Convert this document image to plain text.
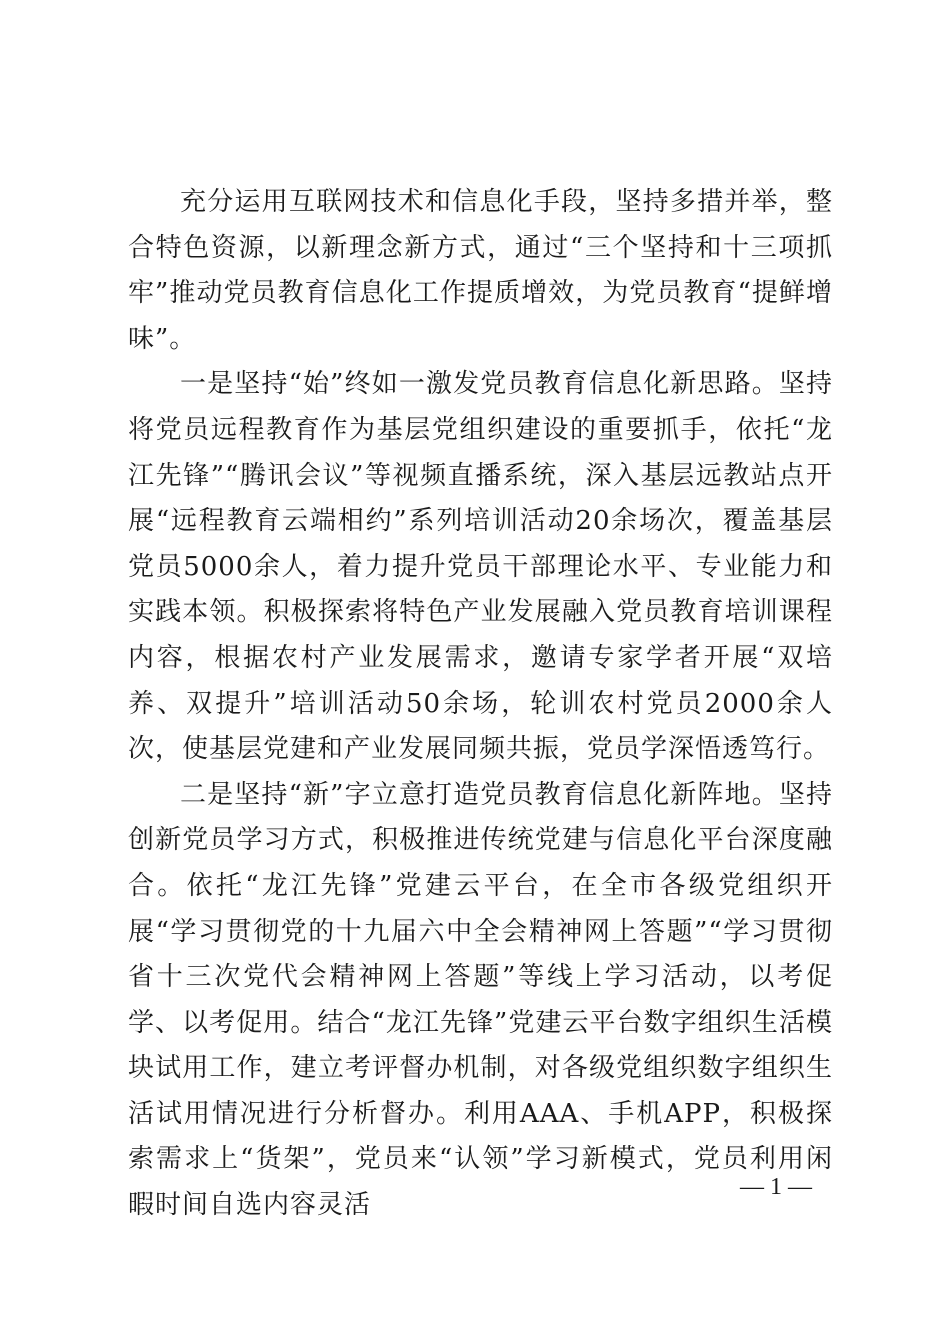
充分运用互联网技术和信息化手段，坚持多措并举，整合特色资源，以新理念新方式，通过“三个坚持和十三项抓牢”推动党员教育信息化工作提质增效，为党员教育“提鲜增味”。

一是坚持“始”终如一激发党员教育信息化新思路。坚持将党员远程教育作为基层党组织建设的重要抓手，依托“龙江先锋”“腾讯会议”等视频直播系统，深入基层远教站点开展“远程教育云端相约”系列培训活动20余场次，覆盖基层党员5000余人，着力提升党员干部理论水平、专业能力和实践本领。积极探索将特色产业发展融入党员教育培训课程内容，根据农村产业发展需求，邀请专家学者开展“双培养、双提升”培训活动50余场，轮训农村党员2000余人次，使基层党建和产业发展同频共振，党员学深悟透笃行。

二是坚持“新”字立意打造党员教育信息化新阵地。坚持创新党员学习方式，积极推进传统党建与信息化平台深度融合。依托“龙江先锋”党建云平台，在全市各级党组织开展“学习贯彻党的十九届六中全会精神网上答题”“学习贯彻省十三次党代会精神网上答题”等线上学习活动，以考促学、以考促用。结合“龙江先锋”党建云平台数字组织生活模块试用工作，建立考评督办机制，对各级党组织数字组织生活试用情况进行分析督办。利用AAA、手机APP，积极探索需求上“货架”，党员来“认领”学习新模式，党员利用闲暇时间自选内容灵活

— 1 —
